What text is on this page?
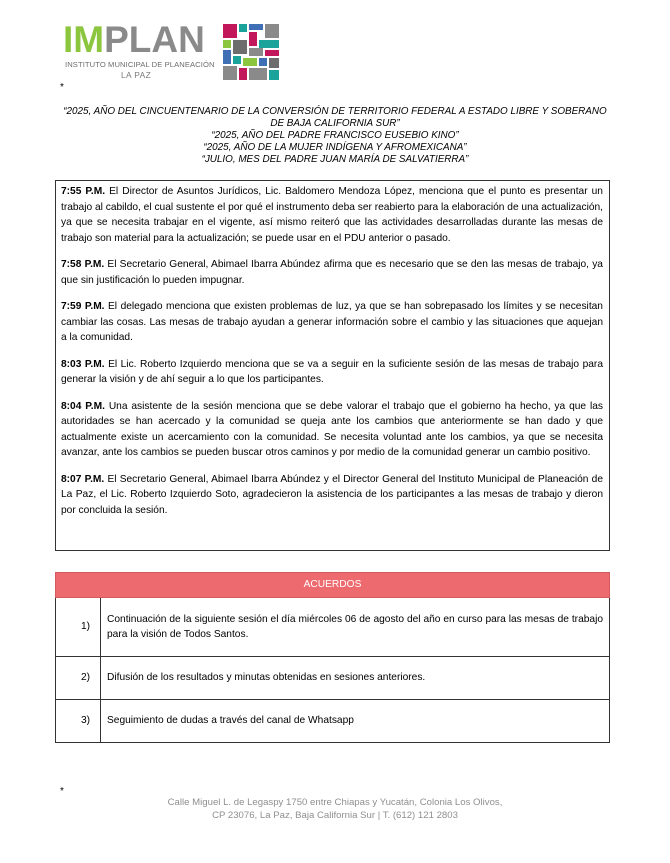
IMPLAN
INSTITUTO MUNICIPAL DE PLANEACIÓN
LA PAZ
*
“2025, AÑO DEL CINCUENTENARIO DE LA CONVERSIÓN DE TERRITORIO FEDERAL A ESTADO LIBRE Y SOBERANO DE BAJA CALIFORNIA SUR”
“2025, AÑO DEL PADRE FRANCISCO EUSEBIO KINO”
“2025, AÑO DE LA MUJER INDÍGENA Y AFROMEXICANA”
“JULIO, MES DEL PADRE JUAN MARÍA DE SALVATIERRA”

7:55 P.M. El Director de Asuntos Jurídicos, Lic. Baldomero Mendoza López, menciona que el punto es presentar un trabajo al cabildo, el cual sustente el por qué el instrumento deba ser reabierto para la elaboración de una actualización, ya que se necesita trabajar en el vigente, así mismo reiteró que las actividades desarrolladas durante las mesas de trabajo son material para la actualización; se puede usar en el PDU anterior o pasado.

7:58 P.M. El Secretario General, Abimael Ibarra Abúndez afirma que es necesario que se den las mesas de trabajo, ya que sin justificación lo pueden impugnar.

7:59 P.M. El delegado menciona que existen problemas de luz, ya que se han sobrepasado los límites y se necesitan cambiar las cosas. Las mesas de trabajo ayudan a generar información sobre el cambio y las situaciones que aquejan a la comunidad.

8:03 P.M. El Lic. Roberto Izquierdo menciona que se va a seguir en la suficiente sesión de las mesas de trabajo para generar la visión y de ahí seguir a lo que los participantes.

8:04 P.M. Una asistente de la sesión menciona que se debe valorar el trabajo que el gobierno ha hecho, ya que las autoridades se han acercado y la comunidad se queja ante los cambios que anteriormente se han dado y que actualmente existe un acercamiento con la comunidad. Se necesita voluntad ante los cambios, ya que se necesita avanzar, ante los cambios se pueden buscar otros caminos y por medio de la comunidad generar un cambio positivo.

8:07 P.M. El Secretario General, Abimael Ibarra Abúndez y el Director General del Instituto Municipal de Planeación de La Paz, el Lic. Roberto Izquierdo Soto, agradecieron la asistencia de los participantes a las mesas de trabajo y dieron por concluida la sesión.

ACUERDOS	
1)	Continuación de la siguiente sesión el día miércoles 06 de agosto del año en curso para las mesas de trabajo para la visión de Todos Santos.
2)	Difusión de los resultados y minutas obtenidas en sesiones anteriores.
3)	Seguimiento de dudas a través del canal de Whatsapp
*
Calle Miguel L. de Legaspy 1750 entre Chiapas y Yucatán, Colonia Los Olivos,
CP 23076, La Paz, Baja California Sur | T. (612) 121 2803
